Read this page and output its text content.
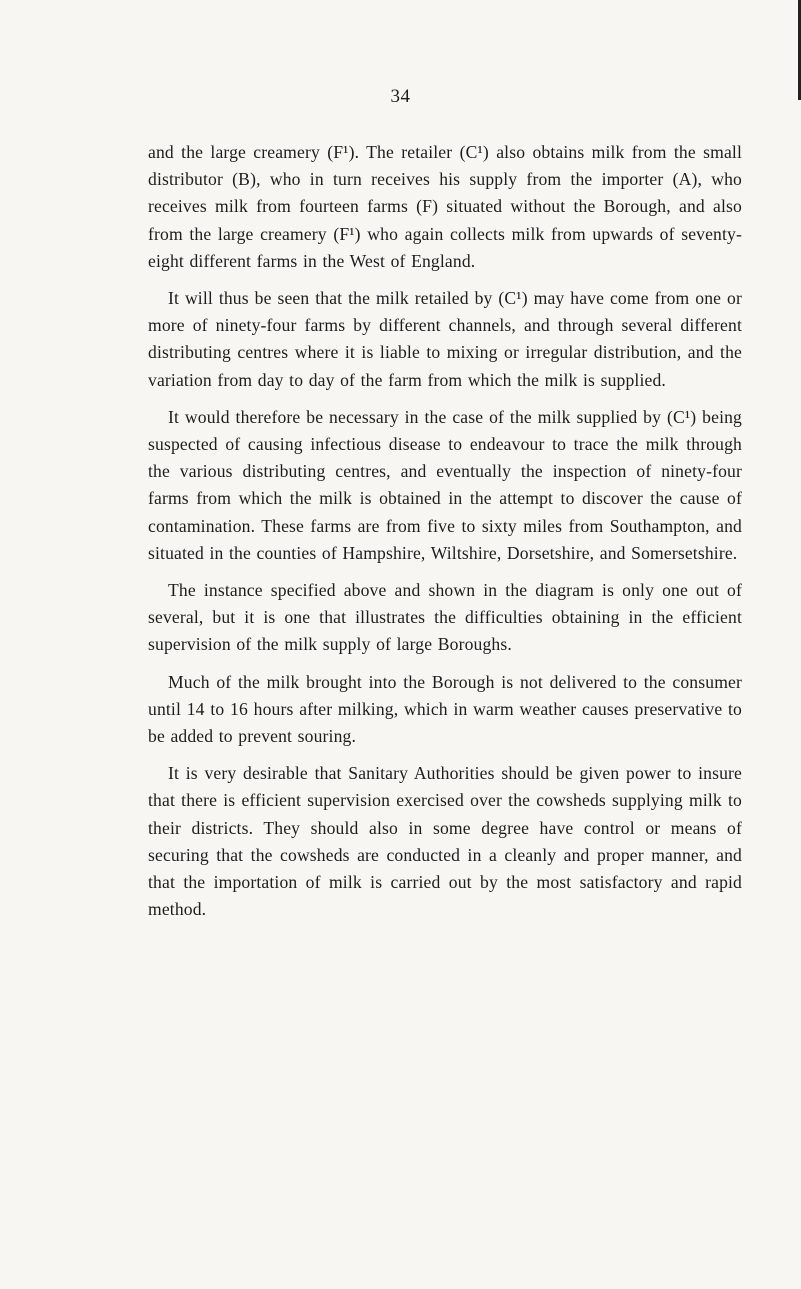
34

and the large creamery (F¹). The retailer (C¹) also obtains milk from the small distributor (B), who in turn receives his supply from the importer (A), who receives milk from fourteen farms (F) situated without the Borough, and also from the large creamery (F¹) who again collects milk from upwards of seventy-eight different farms in the West of England.

It will thus be seen that the milk retailed by (C¹) may have come from one or more of ninety-four farms by different channels, and through several different distributing centres where it is liable to mixing or irregular distribution, and the variation from day to day of the farm from which the milk is supplied.

It would therefore be necessary in the case of the milk supplied by (C¹) being suspected of causing infectious disease to endeavour to trace the milk through the various distributing centres, and eventually the inspection of ninety-four farms from which the milk is obtained in the attempt to discover the cause of contamination. These farms are from five to sixty miles from Southampton, and situated in the counties of Hampshire, Wiltshire, Dorsetshire, and Somersetshire.

The instance specified above and shown in the diagram is only one out of several, but it is one that illustrates the difficulties obtaining in the efficient supervision of the milk supply of large Boroughs.

Much of the milk brought into the Borough is not delivered to the consumer until 14 to 16 hours after milking, which in warm weather causes preservative to be added to prevent souring.

It is very desirable that Sanitary Authorities should be given power to insure that there is efficient supervision exercised over the cowsheds supplying milk to their districts. They should also in some degree have control or means of securing that the cowsheds are conducted in a cleanly and proper manner, and that the importation of milk is carried out by the most satisfactory and rapid method.
